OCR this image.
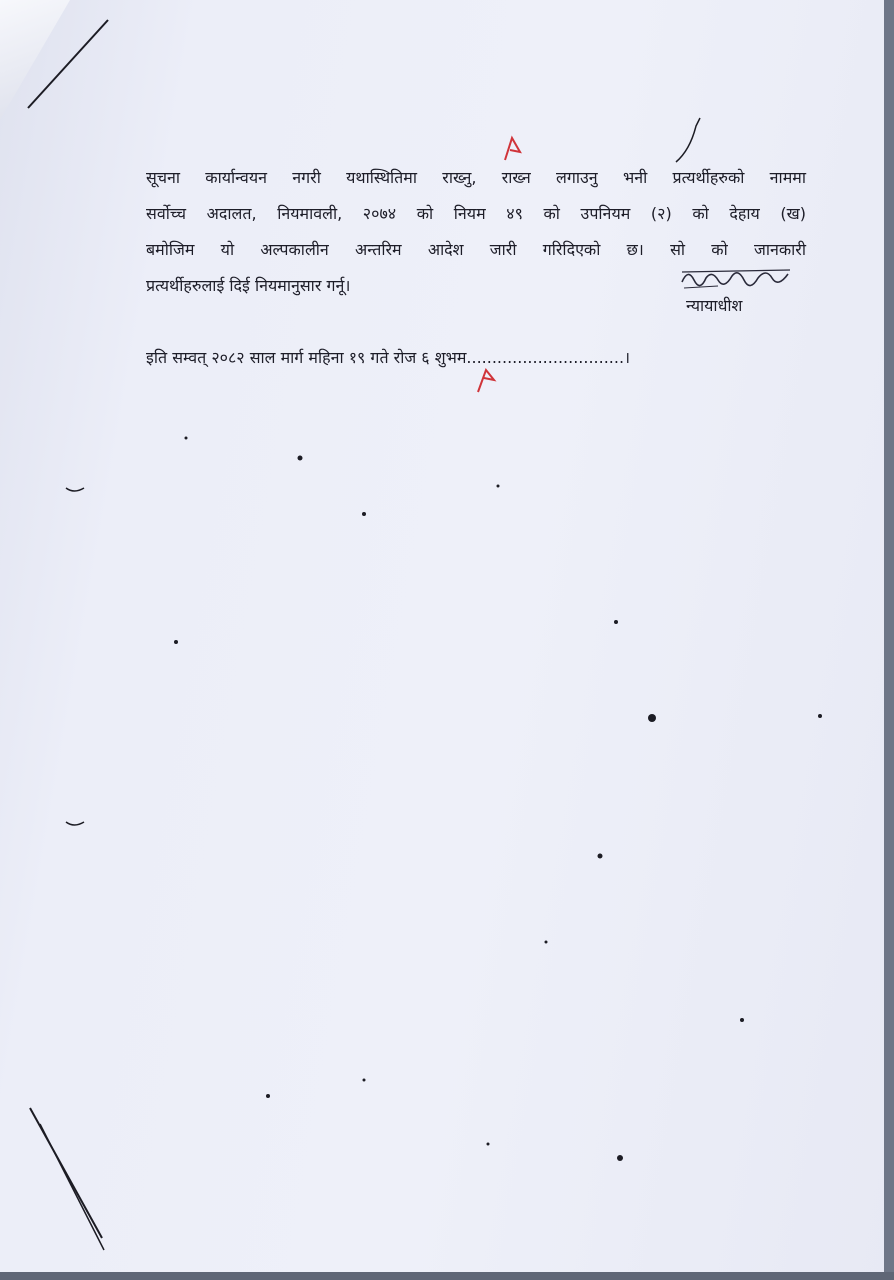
सूचना कार्यान्वयन नगरी यथास्थितिमा राख्नु, राख्न लगाउनु भनी प्रत्यर्थीहरुको नाममा
सर्वोच्च अदालत, नियमावली, २०७४ को नियम ४९ को उपनियम (२) को देहाय (ख)
बमोजिम यो अल्पकालीन अन्तरिम आदेश जारी गरिदिएको छ। सो को जानकारी
प्रत्यर्थीहरुलाई दिई नियमानुसार गर्नू।
न्यायाधीश
इति सम्वत् २०८२ साल मार्ग महिना १९ गते रोज ६ शुभम...............................।
